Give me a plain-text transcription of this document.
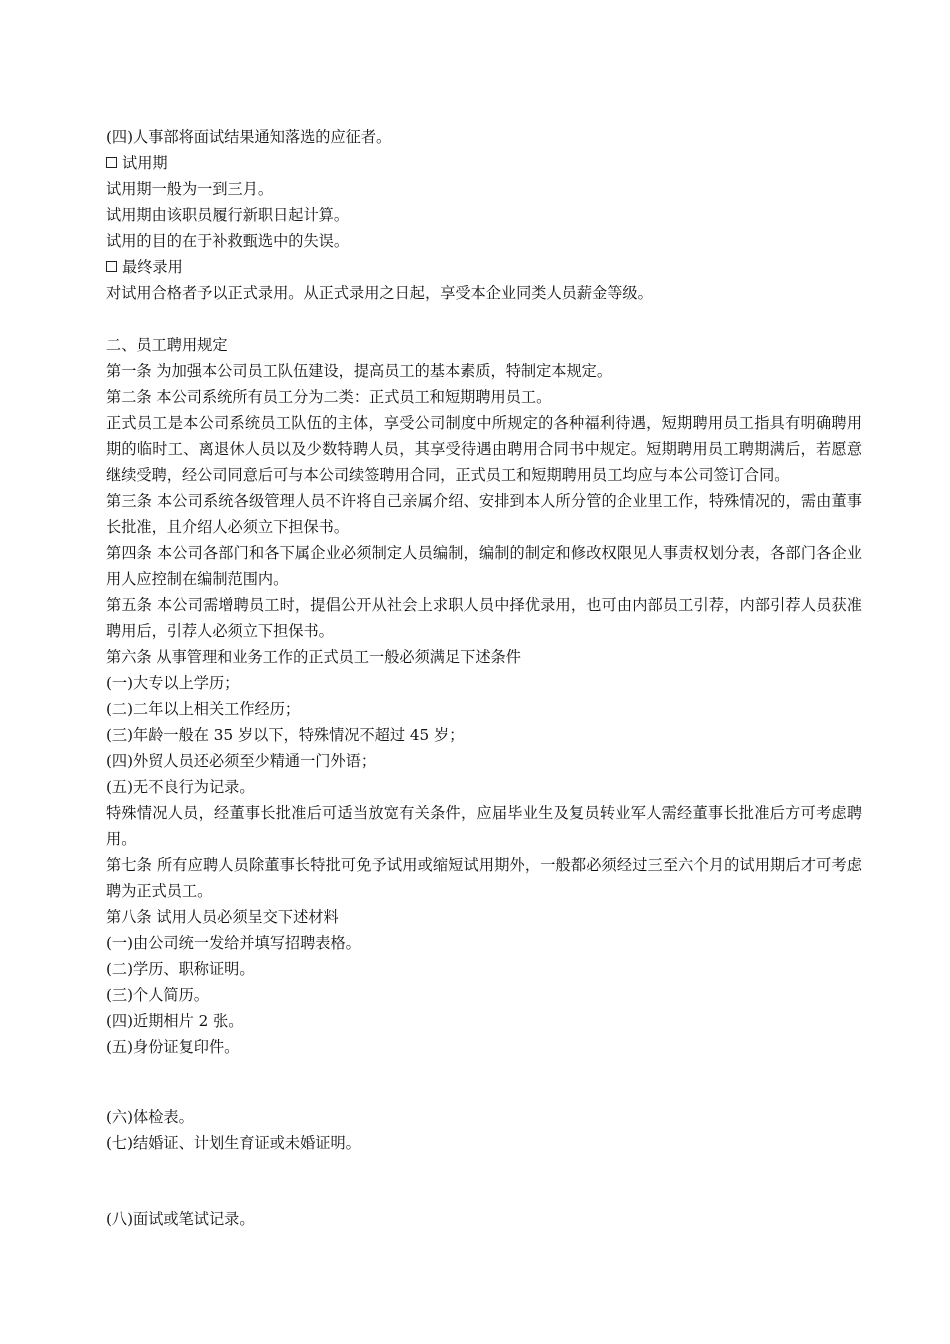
(四)人事部将面试结果通知落选的应征者。

试用期

试用期一般为一到三月。

试用期由该职员履行新职日起计算。

试用的目的在于补救甄选中的失误。

最终录用

对试用合格者予以正式录用。从正式录用之日起，享受本企业同类人员薪金等级。

二、员工聘用规定

第一条 为加强本公司员工队伍建设，提高员工的基本素质，特制定本规定。

第二条 本公司系统所有员工分为二类：正式员工和短期聘用员工。

正式员工是本公司系统员工队伍的主体，享受公司制度中所规定的各种福利待遇，短期聘用员工指具有明确聘用期的临时工、离退休人员以及少数特聘人员，其享受待遇由聘用合同书中规定。短期聘用员工聘期满后，若愿意继续受聘，经公司同意后可与本公司续签聘用合同，正式员工和短期聘用员工均应与本公司签订合同。

第三条 本公司系统各级管理人员不许将自己亲属介绍、安排到本人所分管的企业里工作，特殊情况的，需由董事长批准，且介绍人必须立下担保书。

第四条 本公司各部门和各下属企业必须制定人员编制，编制的制定和修改权限见人事责权划分表，各部门各企业用人应控制在编制范围内。

第五条 本公司需增聘员工时，提倡公开从社会上求职人员中择优录用，也可由内部员工引荐，内部引荐人员获准聘用后，引荐人必须立下担保书。

第六条 从事管理和业务工作的正式员工一般必须满足下述条件

(一)大专以上学历；

(二)二年以上相关工作经历；

(三)年龄一般在 35 岁以下，特殊情况不超过 45 岁；

(四)外贸人员还必须至少精通一门外语；

(五)无不良行为记录。

特殊情况人员，经董事长批准后可适当放宽有关条件，应届毕业生及复员转业军人需经董事长批准后方可考虑聘用。

第七条 所有应聘人员除董事长特批可免予试用或缩短试用期外，一般都必须经过三至六个月的试用期后才可考虑聘为正式员工。

第八条 试用人员必须呈交下述材料

(一)由公司统一发给并填写招聘表格。

(二)学历、职称证明。

(三)个人简历。

(四)近期相片 2 张。

(五)身份证复印件。

(六)体检表。

(七)结婚证、计划生育证或未婚证明。

(八)面试或笔试记录。
